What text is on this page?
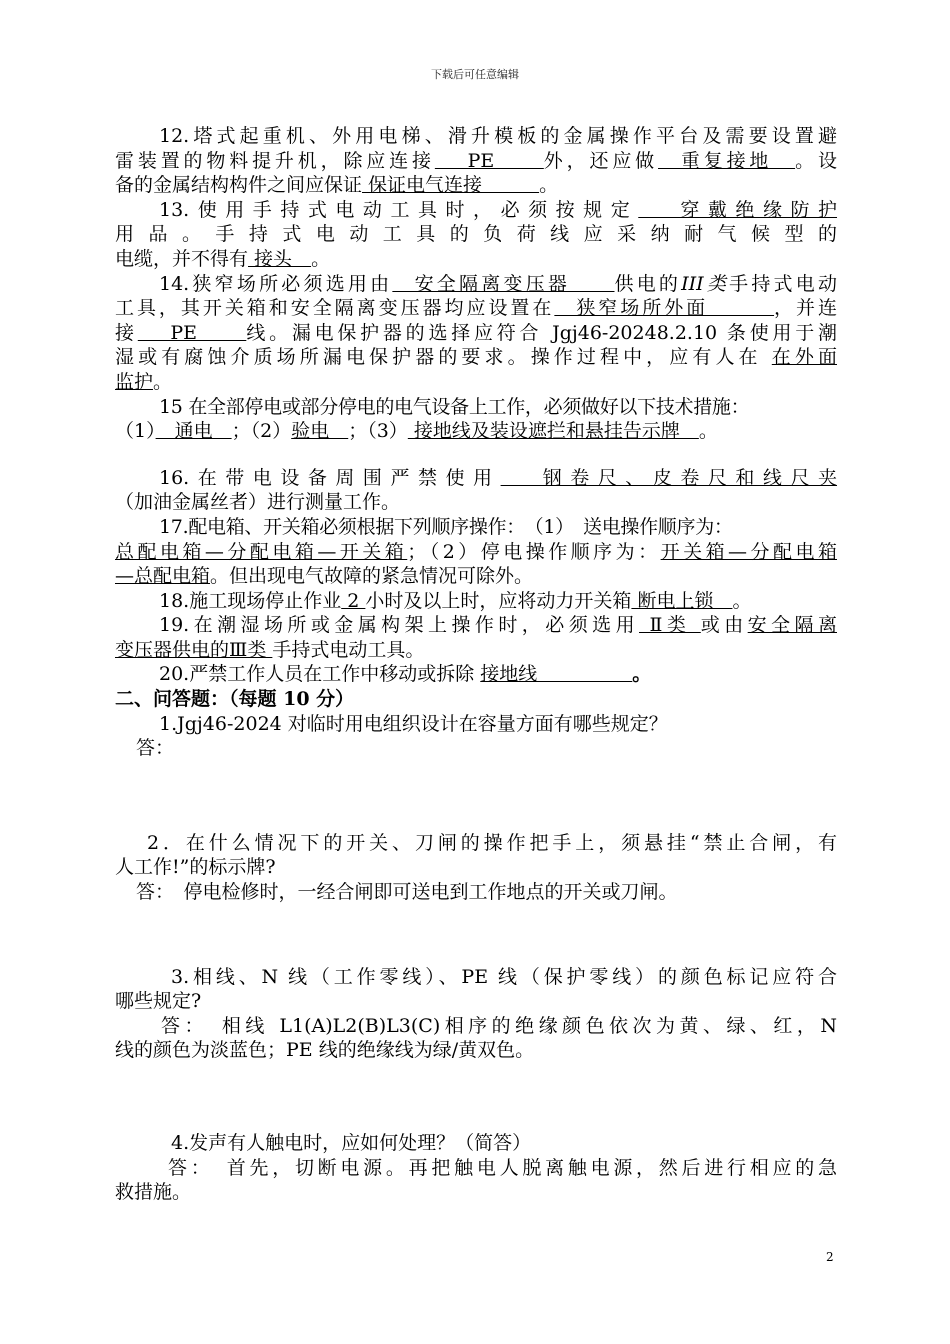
下载后可任意编辑
12.塔式起重机、外用电梯、滑升模板的金属操作平台及需要设置避
雷装置的物料提升机，除应连接　 PE　　外，还应做　重复接地　。设
备的金属结构构件之间应保证 保证电气连接　　　。
13.使用手持式电动工具时，必须按规定 　穿戴绝缘防护
用品。手持式电动工具的负荷线应采纳耐气候型的
电缆，并不得有 接头　。
14.狭窄场所必须选用由　安全隔离变压器　　供电的III类手持式电动
工具，其开关箱和安全隔离变压器均应设置在　狭窄场所外面　　　，并连
接　 PE　　线。漏电保护器的选择应符合 Jgj46-20248.2.10 条使用于潮
湿或有腐蚀介质场所漏电保护器的要求。操作过程中，应有人在 在外面
监护。
15 在全部停电或部分停电的电气设备上工作，必须做好以下技术措施：
（1）　通电　；（2）验电　；（3） 接地线及装设遮拦和悬挂告示牌　。
16.在带电设备周围严禁使用 　钢卷尺、皮卷尺和线尺夹
（加油金属丝者）进行测量工作。
17.配电箱、开关箱必须根据下列顺序操作：　（1）　送电操作顺序为：
总配电箱—分配电箱—开关箱；（2）停电操作顺序为：开关箱—分配电箱
—总配电箱。但出现电气故障的紧急情况可除外。
18.施工现场停止作业 2 小时及以上时，应将动力开关箱 断电上锁　。
19.在潮湿场所或金属构架上操作时，必须选用 Ⅱ类 或由安全隔离
变压器供电的Ⅲ类 手持式电动工具。
20.严禁工作人员在工作中移动或拆除 接地线　　　　　。
二、问答题：（每题 10 分）
1.Jgj46-2024 对临时用电组织设计在容量方面有哪些规定？
答：
2．在什么情况下的开关、刀闸的操作把手上，须悬挂“禁止合闸，有
人工作!”的标示牌?
答：　停电检修时，一经合闸即可送电到工作地点的开关或刀闸。
3.相线、N 线（工作零线）、PE 线（保护零线）的颜色标记应符合
哪些规定?
答：　相线 L1(A)L2(B)L3(C)相序的绝缘颜色依次为黄、绿、红，N
线的颜色为淡蓝色；PE 线的绝缘线为绿/黄双色。
4.发声有人触电时，应如何处理？（简答）
答：　首先，切断电源。再把触电人脱离触电源，然后进行相应的急
救措施。
2
